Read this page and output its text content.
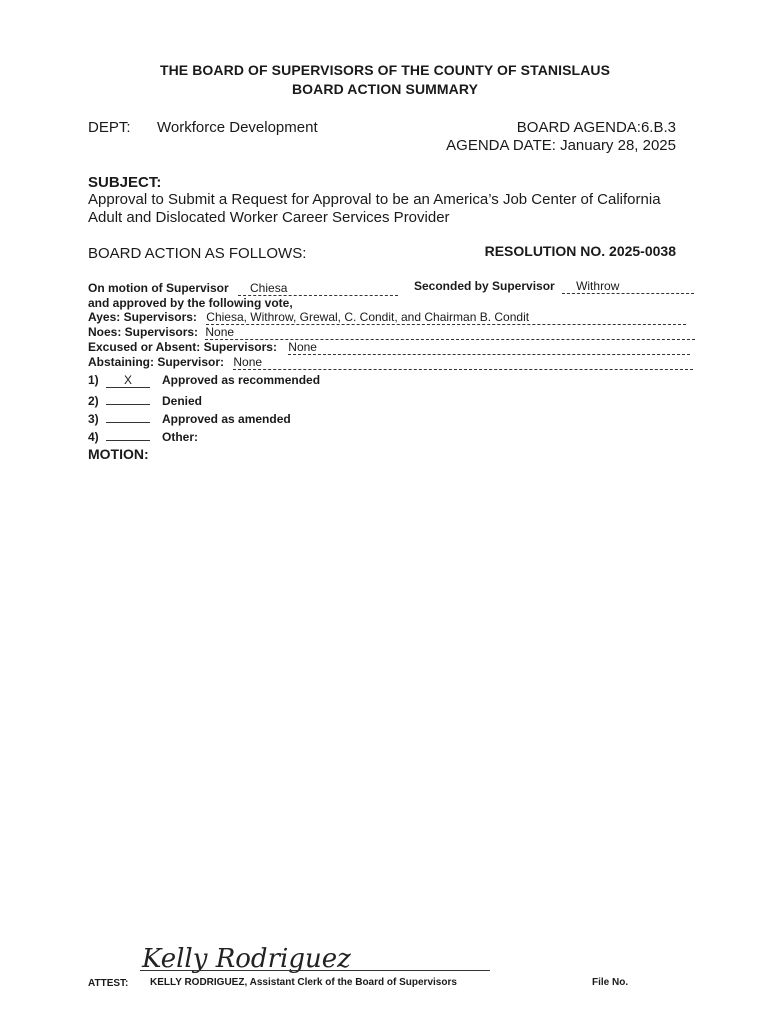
THE BOARD OF SUPERVISORS OF THE COUNTY OF STANISLAUS
BOARD ACTION SUMMARY
DEPT: Workforce Development	BOARD AGENDA:6.B.3
AGENDA DATE: January 28, 2025
SUBJECT:
Approval to Submit a Request for Approval to be an America’s Job Center of California
Adult and Dislocated Worker Career Services Provider
BOARD ACTION AS FOLLOWS:	RESOLUTION NO. 2025-0038
On motion of Supervisor Chiesa	Seconded by Supervisor Withrow
and approved by the following vote,
Ayes: Supervisors: Chiesa, Withrow, Grewal, C. Condit, and Chairman B. Condit
Noes: Supervisors: None
Excused or Absent: Supervisors: None
Abstaining: Supervisor: None
1) X	Approved as recommended
2)	Denied
3)	Approved as amended
4)	Other:
MOTION:
Kelly Rodriguez
ATTEST: KELLY RODRIGUEZ, Assistant Clerk of the Board of Supervisors	File No.
